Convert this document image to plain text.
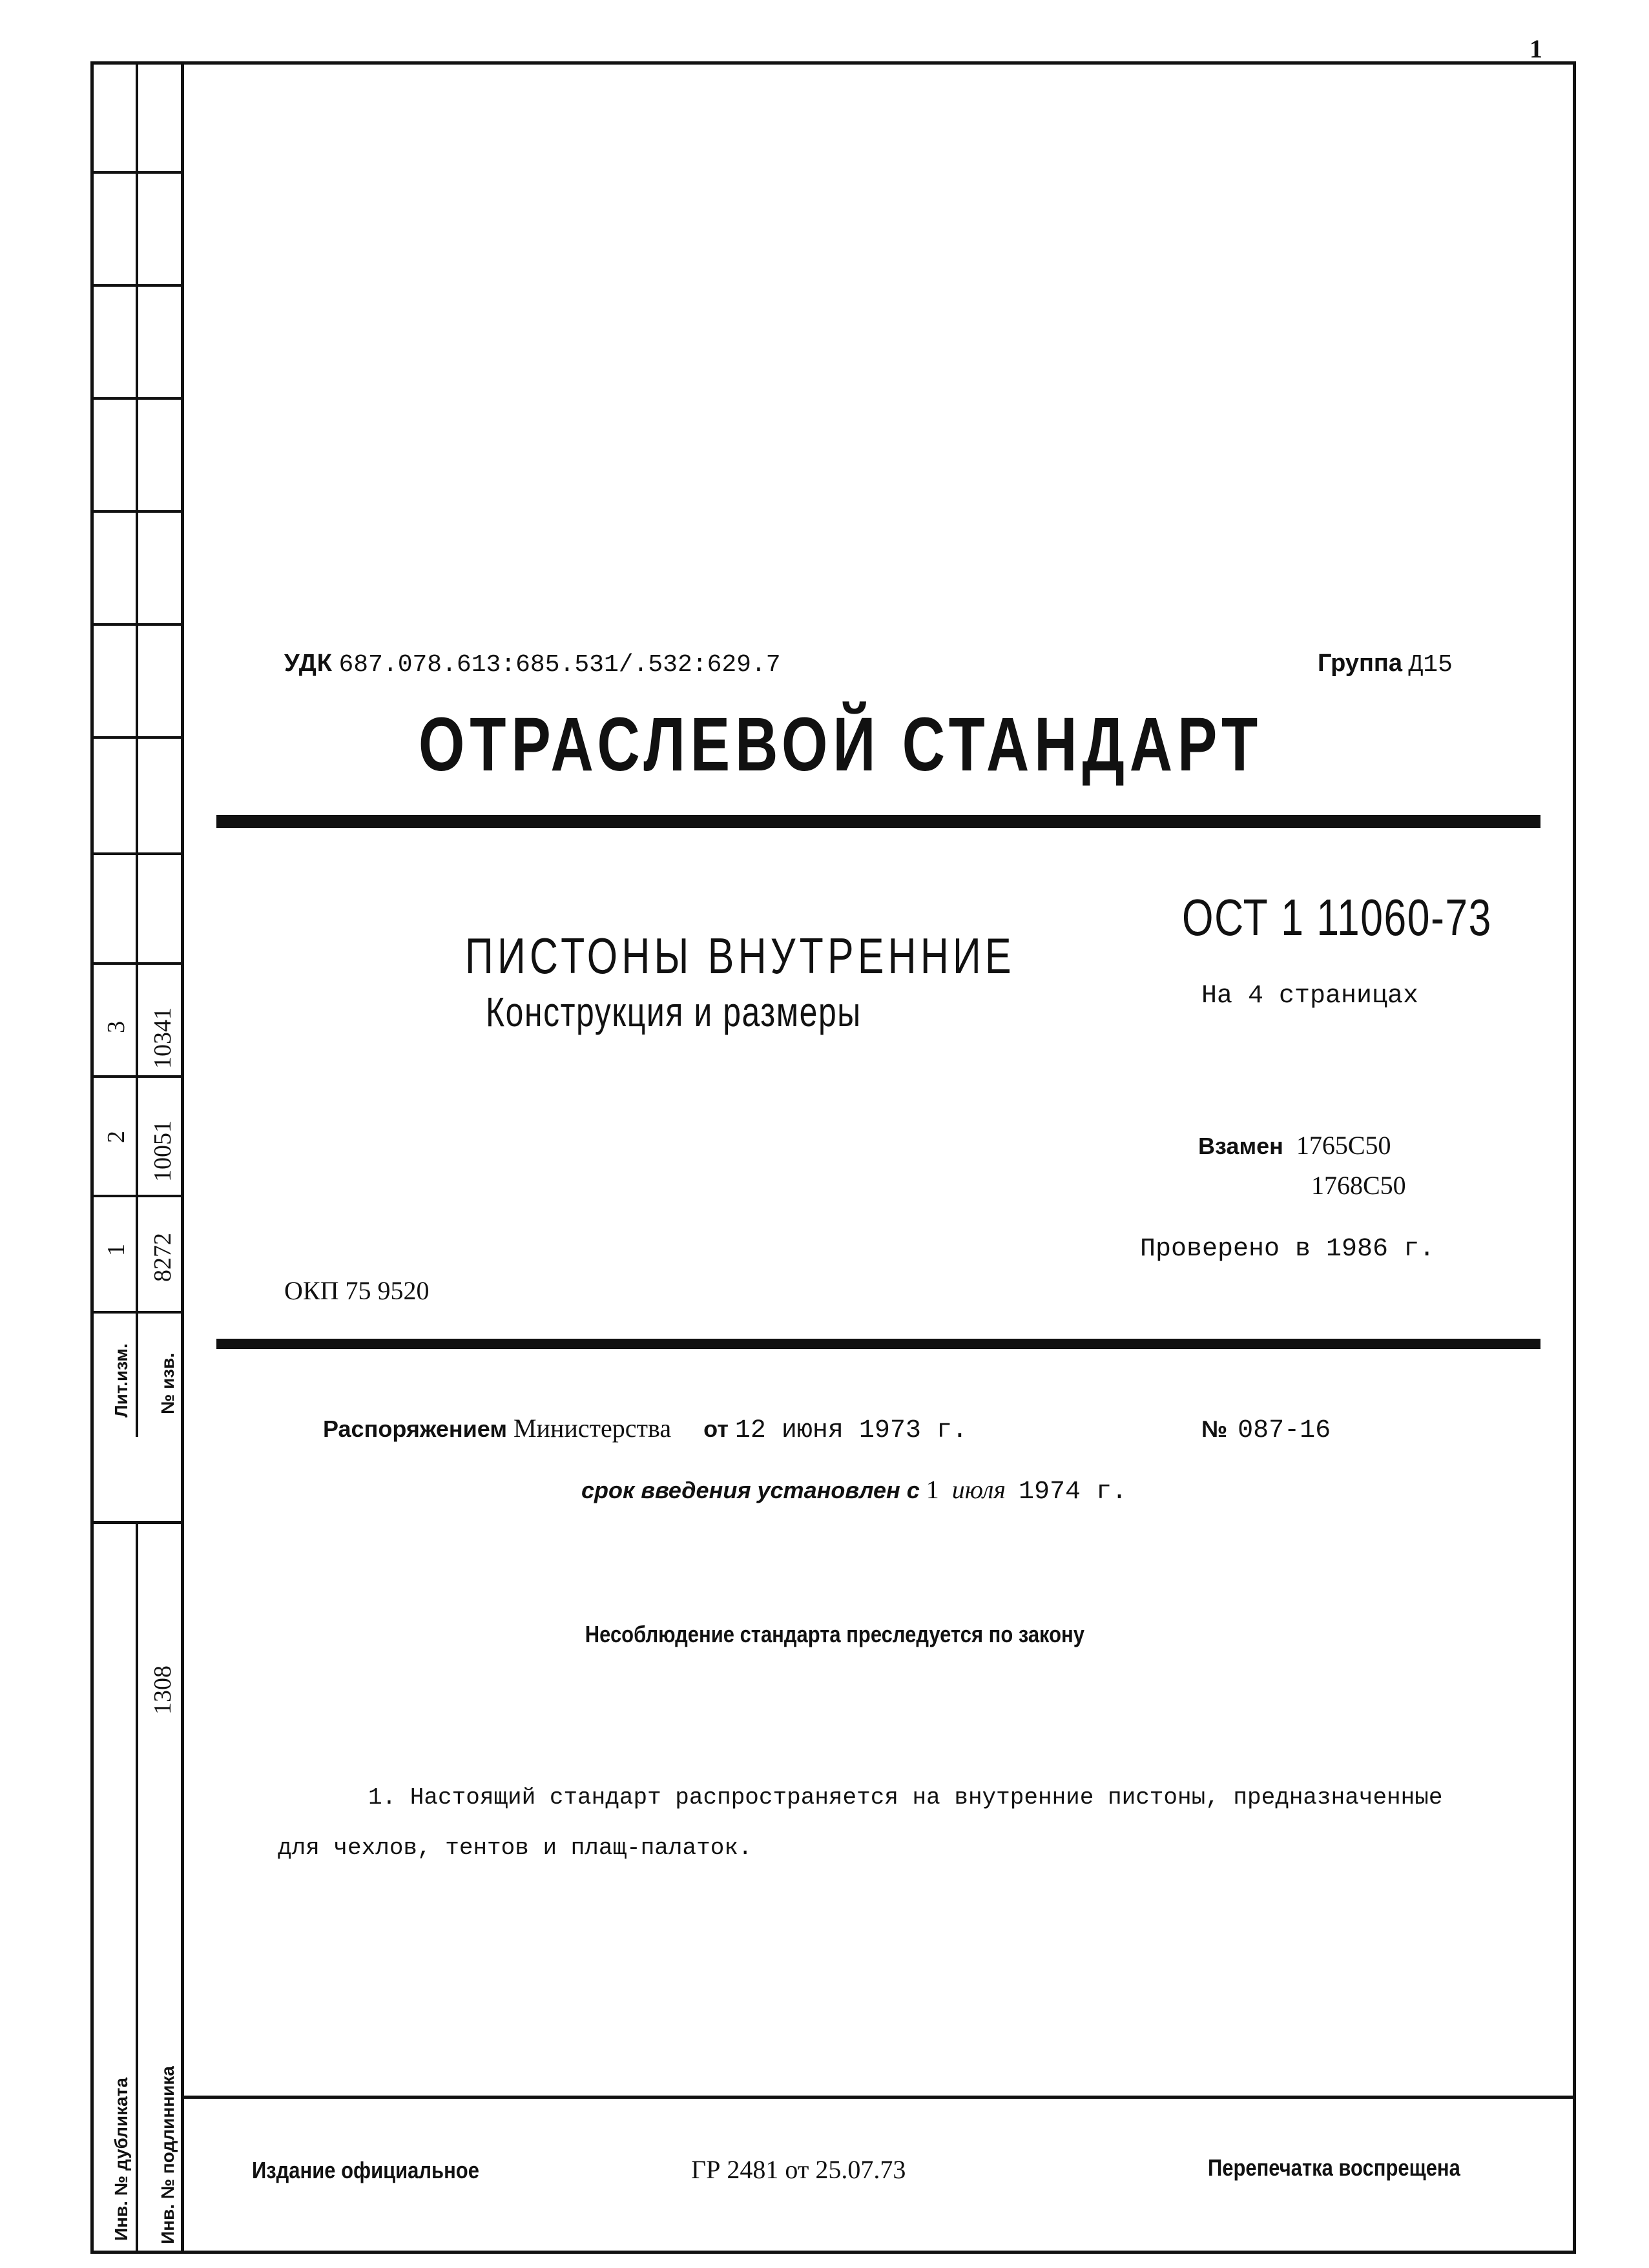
Лит.изм. № изв.
1 8272
2 10051
3 10341
1308
Инв. № дубликата Инв. № подлинника
1
УДК 687.078.613:685.531/.532:629.7	Группа Д15
ОТРАСЛЕВОЙ СТАНДАРТ
ОСТ 1 11060-73
ПИСТОНЫ ВНУТРЕННИЕ
Конструкция и размеры	На 4 страницах
Взамен 1765С50
1768С50
Проверено в 1986 г.
ОКП 75 9520
Распоряжением Министерства от 12 июня 1973 г.	№ 087-16
срок введения установлен с 1 июля 1974 г.
Несоблюдение стандарта преследуется по закону
1. Настоящий стандарт распространяется на внутренние пистоны, предназначенные для чехлов, тентов и плащ-палаток.
Издание официальное	ГР 2481 от 25.07.73	Перепечатка воспрещена
